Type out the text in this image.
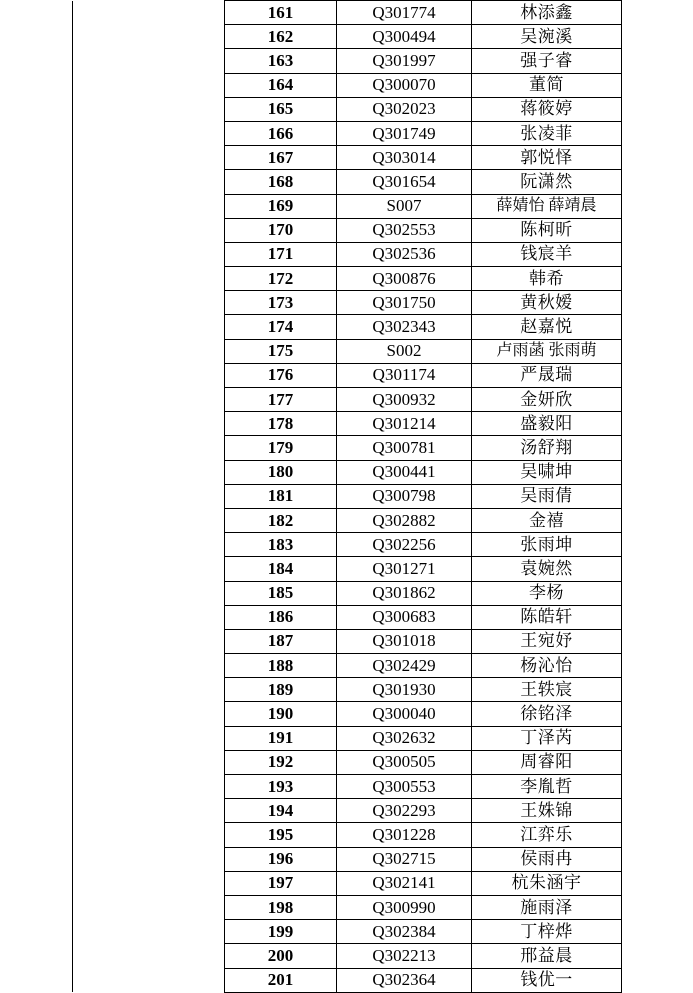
	161	Q301774	林添鑫
	162	Q300494	吴涴溪
	163	Q301997	强子睿
	164	Q300070	董简
	165	Q302023	蒋筱婷
	166	Q301749	张凌菲
	167	Q303014	郭悦怿
	168	Q301654	阮潇然
	169	S007	薛婧怡 薛靖晨
	170	Q302553	陈柯昕
	171	Q302536	钱宸羊
	172	Q300876	韩希
	173	Q301750	黄秋嫒
	174	Q302343	赵嘉悦
	175	S002	卢雨菡 张雨萌
	176	Q301174	严晟瑞
	177	Q300932	金妍欣
	178	Q301214	盛毅阳
	179	Q300781	汤舒翔
	180	Q300441	吴啸坤
	181	Q300798	吴雨倩
	182	Q302882	金禧
	183	Q302256	张雨坤
	184	Q301271	袁婉然
	185	Q301862	李杨
	186	Q300683	陈皓轩
	187	Q301018	王宛妤
	188	Q302429	杨沁怡
	189	Q301930	王轶宸
	190	Q300040	徐铭泽
	191	Q302632	丁泽芮
	192	Q300505	周睿阳
	193	Q300553	李胤哲
	194	Q302293	王姝锦
	195	Q301228	江弈乐
	196	Q302715	侯雨冉
	197	Q302141	杭朱涵宇
	198	Q300990	施雨泽
	199	Q302384	丁梓烨
	200	Q302213	邢益晨
	201	Q302364	钱优一
